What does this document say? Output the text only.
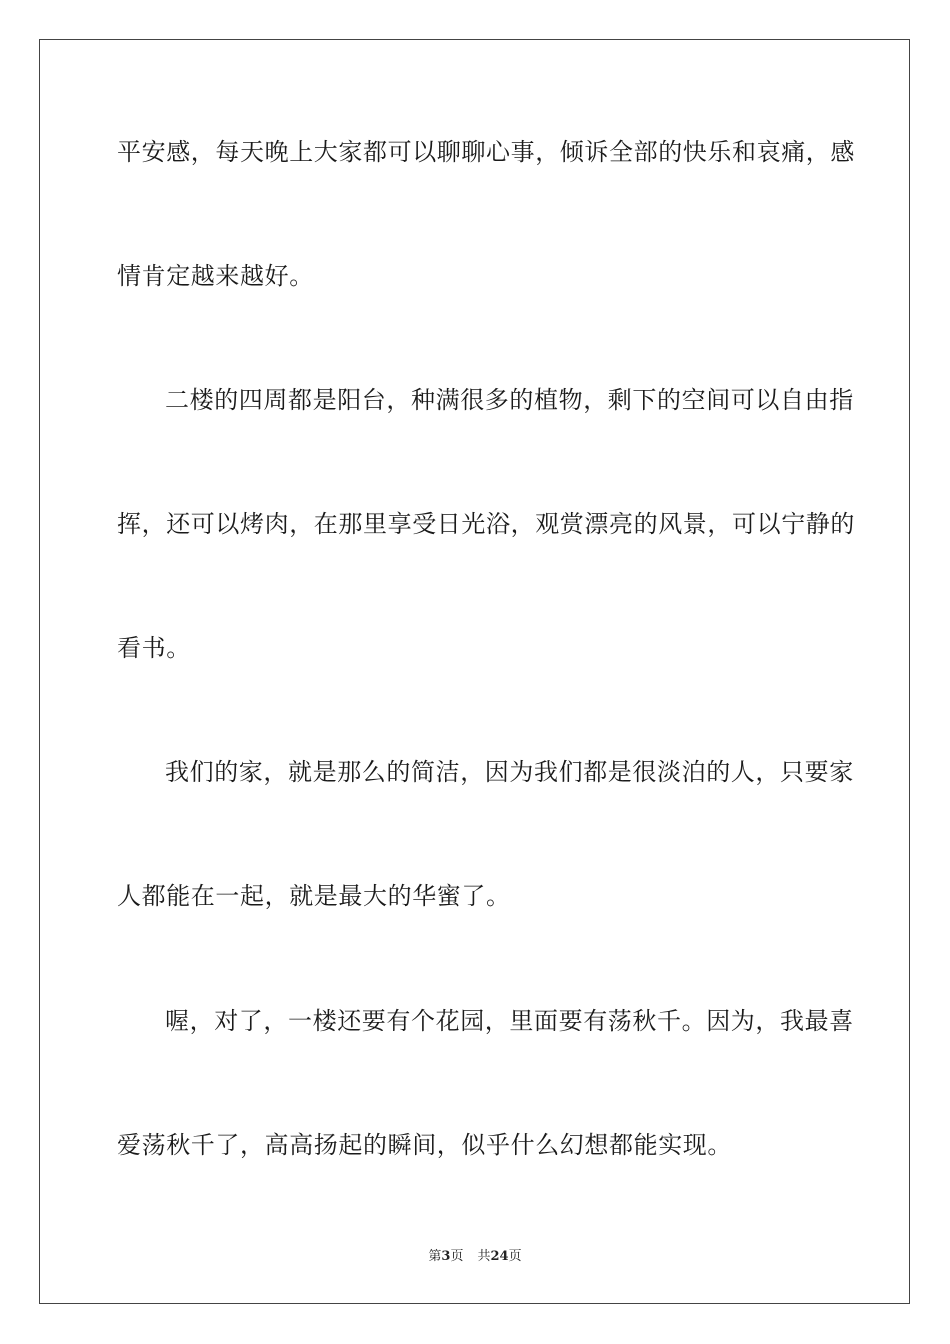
平安感，每天晚上大家都可以聊聊心事，倾诉全部的快乐和哀痛，感
情肯定越来越好。
二楼的四周都是阳台，种满很多的植物，剩下的空间可以自由指
挥，还可以烤肉，在那里享受日光浴，观赏漂亮的风景，可以宁静的
看书。
我们的家，就是那么的简洁，因为我们都是很淡泊的人，只要家
人都能在一起，就是最大的华蜜了。
喔，对了，一楼还要有个花园，里面要有荡秋千。因为，我最喜
爱荡秋千了，高高扬起的瞬间，似乎什么幻想都能实现。
第3页 共24页
